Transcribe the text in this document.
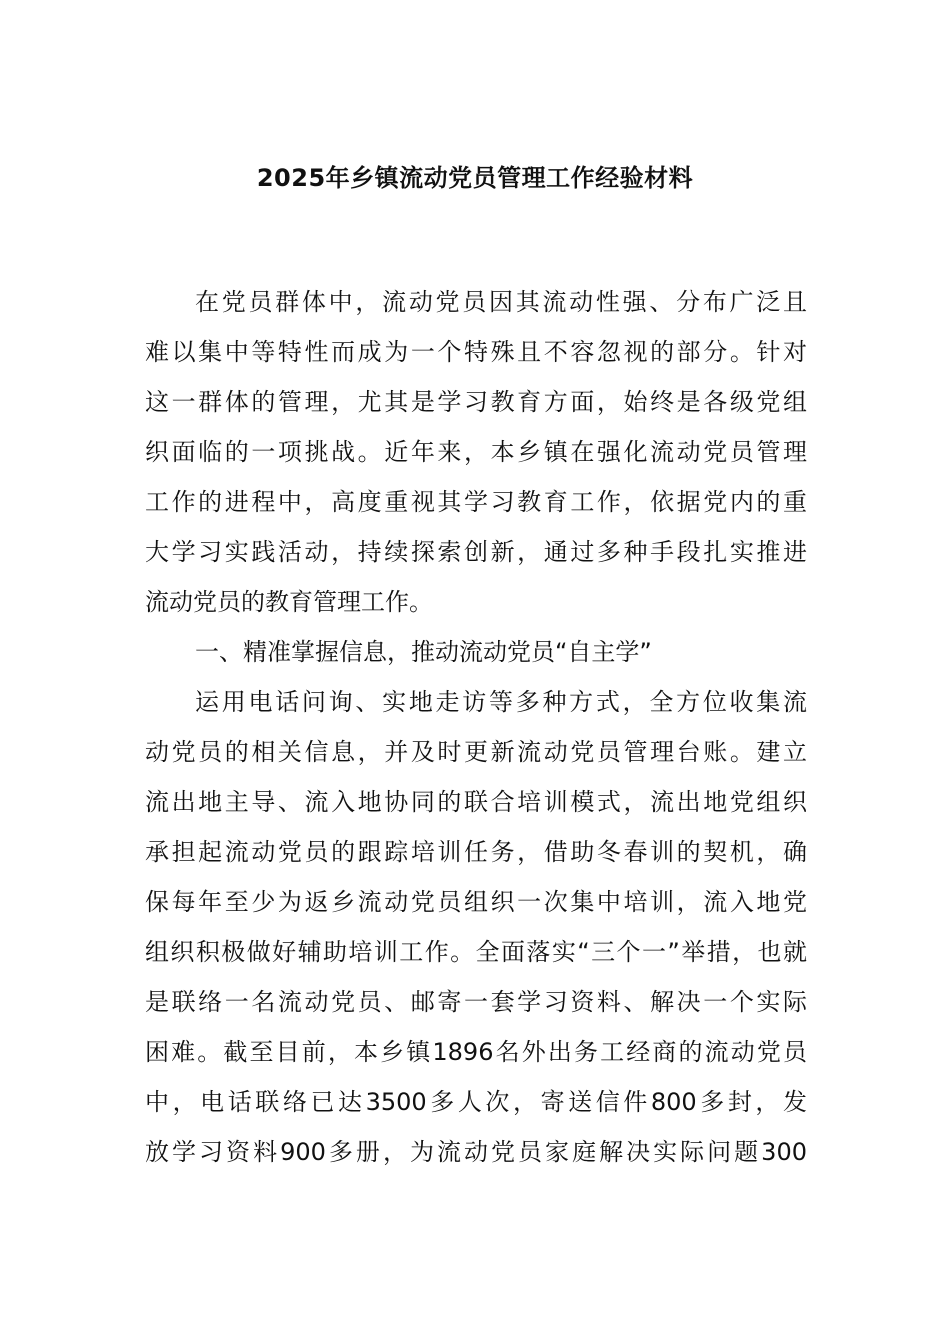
2025年乡镇流动党员管理工作经验材料
在党员群体中，流动党员因其流动性强、分布广泛且
难以集中等特性而成为一个特殊且不容忽视的部分。针对
这一群体的管理，尤其是学习教育方面，始终是各级党组
织面临的一项挑战。近年来，本乡镇在强化流动党员管理
工作的进程中，高度重视其学习教育工作，依据党内的重
大学习实践活动，持续探索创新，通过多种手段扎实推进
流动党员的教育管理工作。
一、精准掌握信息，推动流动党员“自主学”
运用电话问询、实地走访等多种方式，全方位收集流
动党员的相关信息，并及时更新流动党员管理台账。建立
流出地主导、流入地协同的联合培训模式，流出地党组织
承担起流动党员的跟踪培训任务，借助冬春训的契机，确
保每年至少为返乡流动党员组织一次集中培训，流入地党
组织积极做好辅助培训工作。全面落实“三个一”举措，也就
是联络一名流动党员、邮寄一套学习资料、解决一个实际
困难。截至目前，本乡镇1896名外出务工经商的流动党员
中，电话联络已达3500多人次，寄送信件800多封，发
放学习资料900多册，为流动党员家庭解决实际问题300
